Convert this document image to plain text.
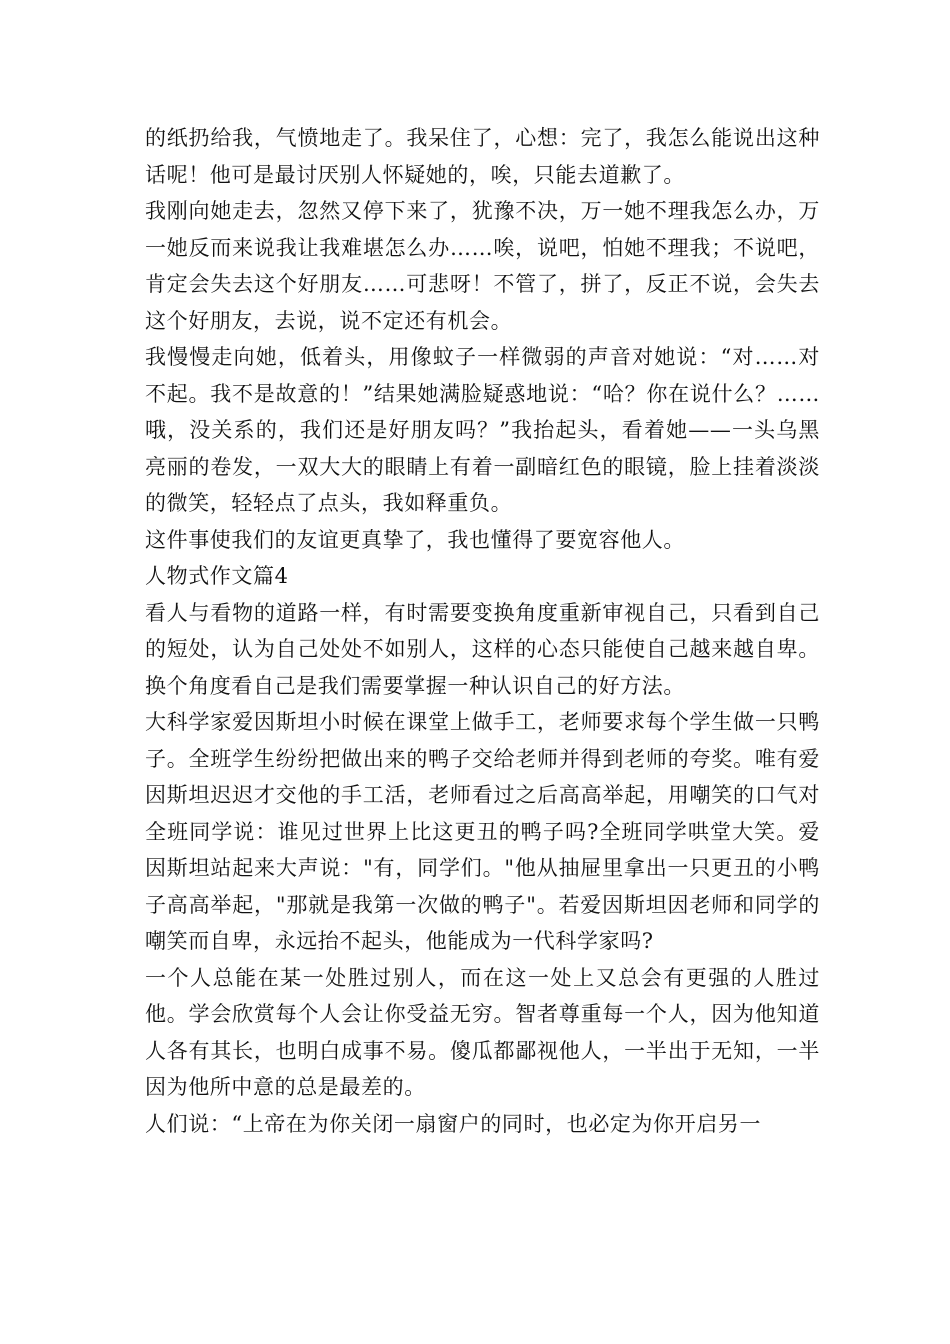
的纸扔给我，气愤地走了。我呆住了，心想：完了，我怎么能说出这种话呢！他可是最讨厌别人怀疑她的，唉，只能去道歉了。

我刚向她走去，忽然又停下来了，犹豫不决，万一她不理我怎么办，万一她反而来说我让我难堪怎么办……唉，说吧，怕她不理我；不说吧，肯定会失去这个好朋友……可悲呀！不管了，拼了，反正不说，会失去这个好朋友，去说，说不定还有机会。

我慢慢走向她，低着头，用像蚊子一样微弱的声音对她说：“对……对不起。我不是故意的！”结果她满脸疑惑地说：“哈？你在说什么？……哦，没关系的，我们还是好朋友吗？”我抬起头，看着她——一头乌黑亮丽的卷发，一双大大的眼睛上有着一副暗红色的眼镜，脸上挂着淡淡的微笑，轻轻点了点头，我如释重负。

这件事使我们的友谊更真挚了，我也懂得了要宽容他人。

人物式作文篇4

看人与看物的道路一样，有时需要变换角度重新审视自己，只看到自己的短处，认为自己处处不如别人，这样的心态只能使自己越来越自卑。换个角度看自己是我们需要掌握一种认识自己的好方法。

大科学家爱因斯坦小时候在课堂上做手工，老师要求每个学生做一只鸭子。全班学生纷纷把做出来的鸭子交给老师并得到老师的夸奖。唯有爱因斯坦迟迟才交他的手工活，老师看过之后高高举起，用嘲笑的口气对全班同学说：谁见过世界上比这更丑的鸭子吗?全班同学哄堂大笑。爱因斯坦站起来大声说："有，同学们。"他从抽屉里拿出一只更丑的小鸭子高高举起，"那就是我第一次做的鸭子"。若爱因斯坦因老师和同学的嘲笑而自卑，永远抬不起头，他能成为一代科学家吗?

一个人总能在某一处胜过别人，而在这一处上又总会有更强的人胜过他。学会欣赏每个人会让你受益无穷。智者尊重每一个人，因为他知道人各有其长，也明白成事不易。傻瓜都鄙视他人，一半出于无知，一半因为他所中意的总是最差的。

人们说：“上帝在为你关闭一扇窗户的同时，也必定为你开启另一
